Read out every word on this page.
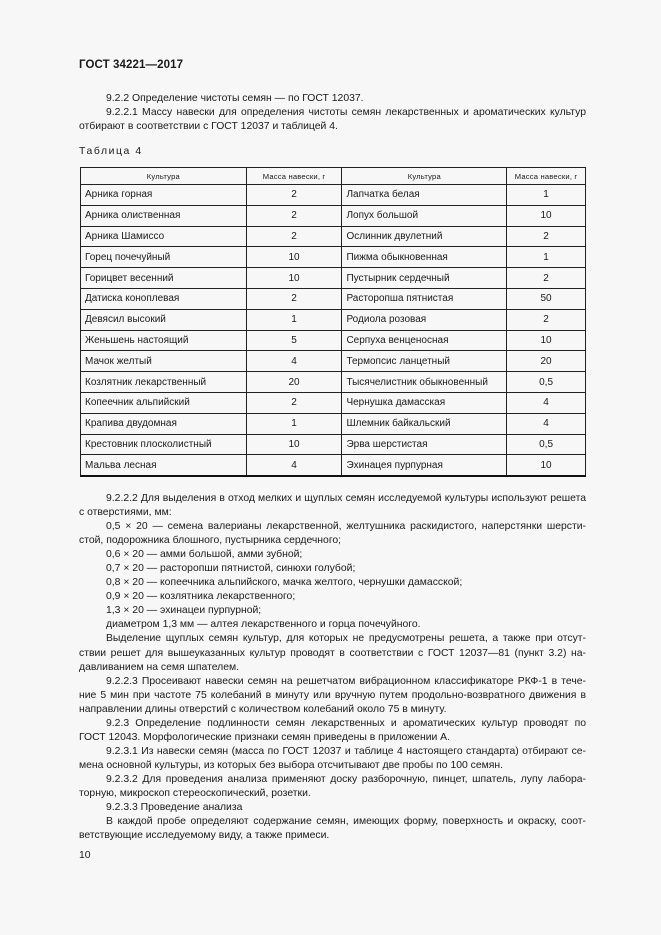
ГОСТ 34221—2017
9.2.2 Определение чистоты семян — по ГОСТ 12037.
9.2.2.1 Массу навески для определения чистоты семян лекарственных и ароматических культур
отбирают в соответствии с ГОСТ 12037 и таблицей 4.
Таблица 4
Культура	Масса навески, г	Культура	Масса навески, г
Арника горная	2	Лапчатка белая	1
Арника олиственная	2	Лопух большой	10
Арника Шамиссо	2	Ослинник двулетний	2
Горец почечуйный	10	Пижма обыкновенная	1
Горицвет весенний	10	Пустырник сердечный	2
Датиска коноплевая	2	Расторопша пятнистая	50
Девясил высокий	1	Родиола розовая	2
Женьшень настоящий	5	Серпуха венценосная	10
Мачок желтый	4	Термопсис ланцетный	20
Козлятник лекарственный	20	Тысячелистник обыкновенный	0,5
Копеечник альпийский	2	Чернушка дамасская	4
Крапива двудомная	1	Шлемник байкальский	4
Крестовник плосколистный	10	Эрва шерстистая	0,5
Мальва лесная	4	Эхинацея пурпурная	10
9.2.2.2 Для выделения в отход мелких и щуплых семян исследуемой культуры используют решета
с отверстиями, мм:
0,5 × 20 — семена валерианы лекарственной, желтушника раскидистого, наперстянки шерсти-
стой, подорожника блошного, пустырника сердечного;
0,6 × 20 — амми большой, амми зубной;
0,7 × 20 — расторопши пятнистой, синюхи голубой;
0,8 × 20 — копеечника альпийского, мачка желтого, чернушки дамасской;
0,9 × 20 — козлятника лекарственного;
1,3 × 20 — эхинацеи пурпурной;
диаметром 1,3 мм — алтея лекарственного и горца почечуйного.
Выделение щуплых семян культур, для которых не предусмотрены решета, а также при отсут-
ствии решет для вышеуказанных культур проводят в соответствии с ГОСТ 12037—81 (пункт 3.2) на-
давливанием на семя шпателем.
9.2.2.3 Просеивают навески семян на решетчатом вибрационном классификаторе РКФ-1 в тече-
ние 5 мин при частоте 75 колебаний в минуту или вручную путем продольно-возвратного движения в
направлении длины отверстий с количеством колебаний около 75 в минуту.
9.2.3 Определение подлинности семян лекарственных и ароматических культур проводят по
ГОСТ 12043. Морфологические признаки семян приведены в приложении А.
9.2.3.1 Из навески семян (масса по ГОСТ 12037 и таблице 4 настоящего стандарта) отбирают се-
мена основной культуры, из которых без выбора отсчитывают две пробы по 100 семян.
9.2.3.2 Для проведения анализа применяют доску разборочную, пинцет, шпатель, лупу лабора-
торную, микроскоп стереоскопический, розетки.
9.2.3.3 Проведение анализа
В каждой пробе определяют содержание семян, имеющих форму, поверхность и окраску, соот-
ветствующие исследуемому виду, а также примеси.
10
